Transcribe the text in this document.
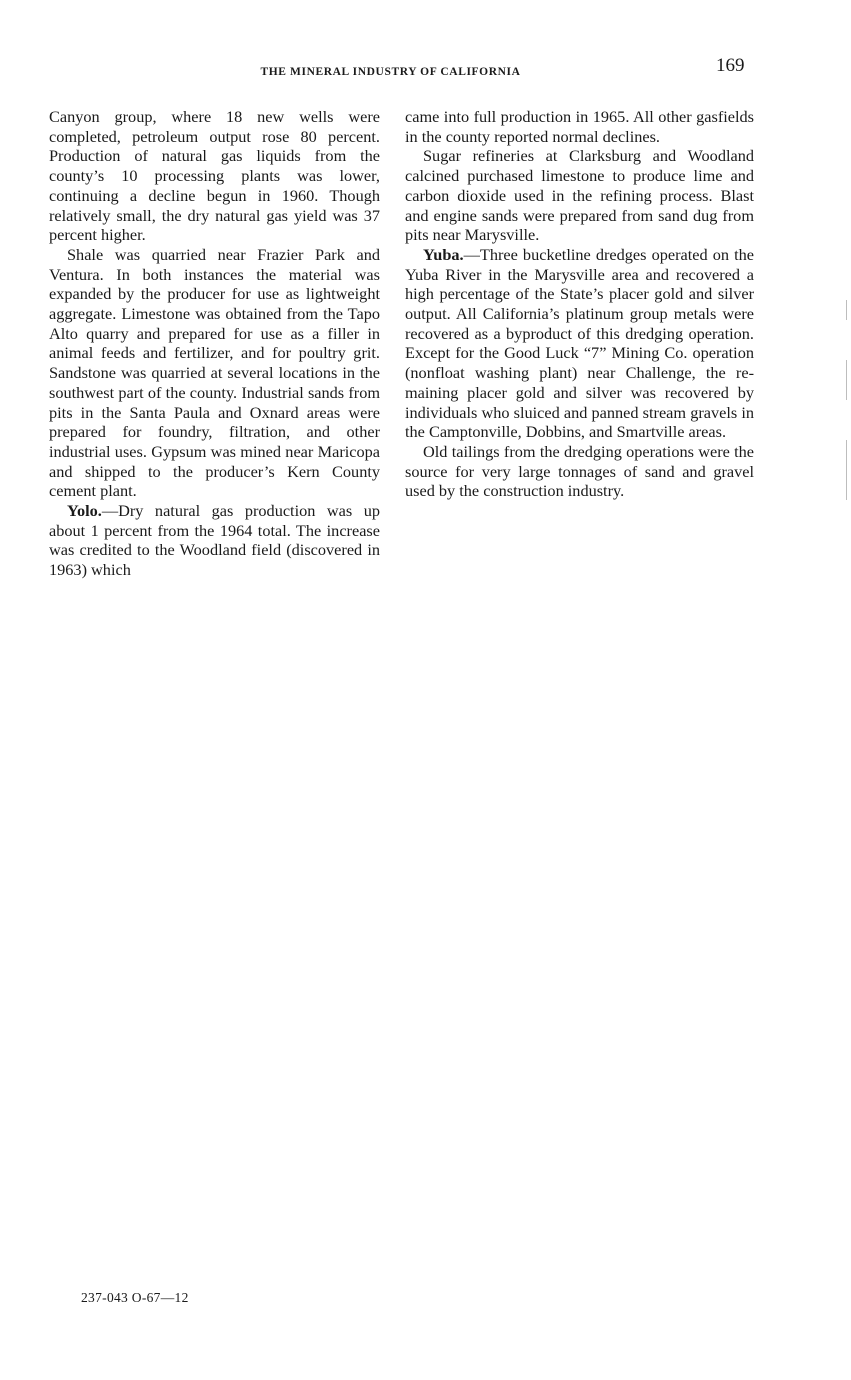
THE MINERAL INDUSTRY OF CALIFORNIA	169

Canyon group, where 18 new wells were completed, petroleum output rose 80 percent. Production of natural gas liquids from the county’s 10 processing plants was lower, continuing a decline begun in 1960. Though relatively small, the dry natural gas yield was 37 percent higher.

Shale was quarried near Frazier Park and Ventura. In both instances the material was expanded by the producer for use as lightweight aggregate. Limestone was obtained from the Tapo Alto quarry and prepared for use as a filler in animal feeds and fertilizer, and for poultry grit. Sandstone was quarried at several locations in the southwest part of the county. Industrial sands from pits in the Santa Paula and Oxnard areas were prepared for foundry, filtration, and other industrial uses. Gypsum was mined near Maricopa and shipped to the producer’s Kern County cement plant.

Yolo.—Dry natural gas production was up about 1 percent from the 1964 total. The increase was credited to the Woodland field (discovered in 1963) which

came into full production in 1965. All other gasfields in the county reported normal declines.

Sugar refineries at Clarksburg and Woodland calcined purchased limestone to produce lime and carbon dioxide used in the refining process. Blast and engine sands were prepared from sand dug from pits near Marysville.

Yuba.—Three bucketline dredges operated on the Yuba River in the Marysville area and recovered a high percentage of the State’s placer gold and silver output. All California’s platinum group metals were recovered as a byproduct of this dredging operation. Except for the Good Luck “7” Mining Co. operation (nonfloat washing plant) near Challenge, the remaining placer gold and silver was recovered by individuals who sluiced and panned stream gravels in the Camptonville, Dobbins, and Smartville areas.

Old tailings from the dredging operations were the source for very large tonnages of sand and gravel used by the construction industry.

237-043 O-67—12
